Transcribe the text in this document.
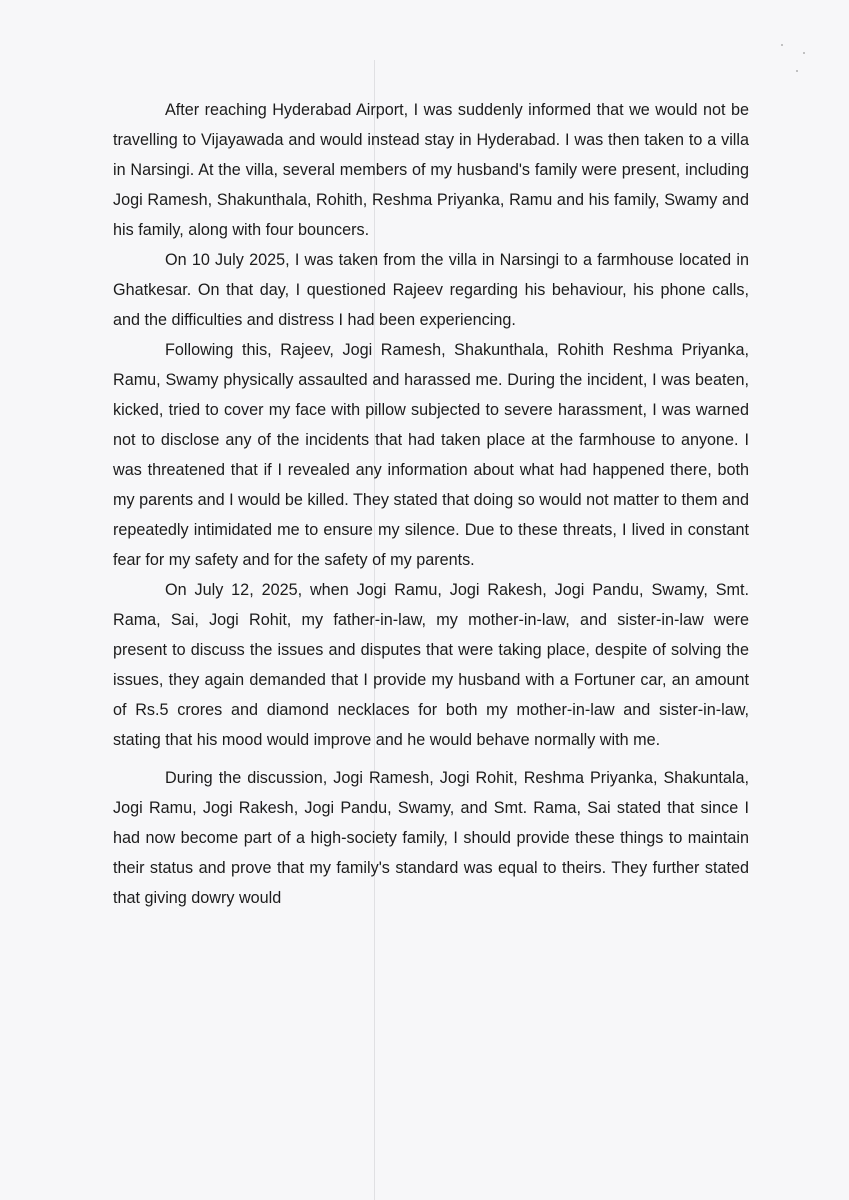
After reaching Hyderabad Airport, I was suddenly informed that we would not be travelling to Vijayawada and would instead stay in Hyderabad. I was then taken to a villa in Narsingi. At the villa, several members of my husband's family were present, including Jogi Ramesh, Shakunthala, Rohith, Reshma Priyanka, Ramu and his family, Swamy and his family, along with four bouncers.

On 10 July 2025, I was taken from the villa in Narsingi to a farmhouse located in Ghatkesar. On that day, I questioned Rajeev regarding his behaviour, his phone calls, and the difficulties and distress I had been experiencing.

Following this, Rajeev, Jogi Ramesh, Shakunthala, Rohith Reshma Priyanka, Ramu, Swamy physically assaulted and harassed me. During the incident, I was beaten, kicked, tried to cover my face with pillow subjected to severe harassment, I was warned not to disclose any of the incidents that had taken place at the farmhouse to anyone. I was threatened that if I revealed any information about what had happened there, both my parents and I would be killed. They stated that doing so would not matter to them and repeatedly intimidated me to ensure my silence. Due to these threats, I lived in constant fear for my safety and for the safety of my parents.

On July 12, 2025, when Jogi Ramu, Jogi Rakesh, Jogi Pandu, Swamy, Smt. Rama, Sai, Jogi Rohit, my father-in-law, my mother-in-law, and sister-in-law were present to discuss the issues and disputes that were taking place, despite of solving the issues, they again demanded that I provide my husband with a Fortuner car, an amount of Rs.5 crores and diamond necklaces for both my mother-in-law and sister-in-law, stating that his mood would improve and he would behave normally with me.

During the discussion, Jogi Ramesh, Jogi Rohit, Reshma Priyanka, Shakuntala, Jogi Ramu, Jogi Rakesh, Jogi Pandu, Swamy, and Smt. Rama, Sai stated that since I had now become part of a high-society family, I should provide these things to maintain their status and prove that my family's standard was equal to theirs. They further stated that giving dowry would
